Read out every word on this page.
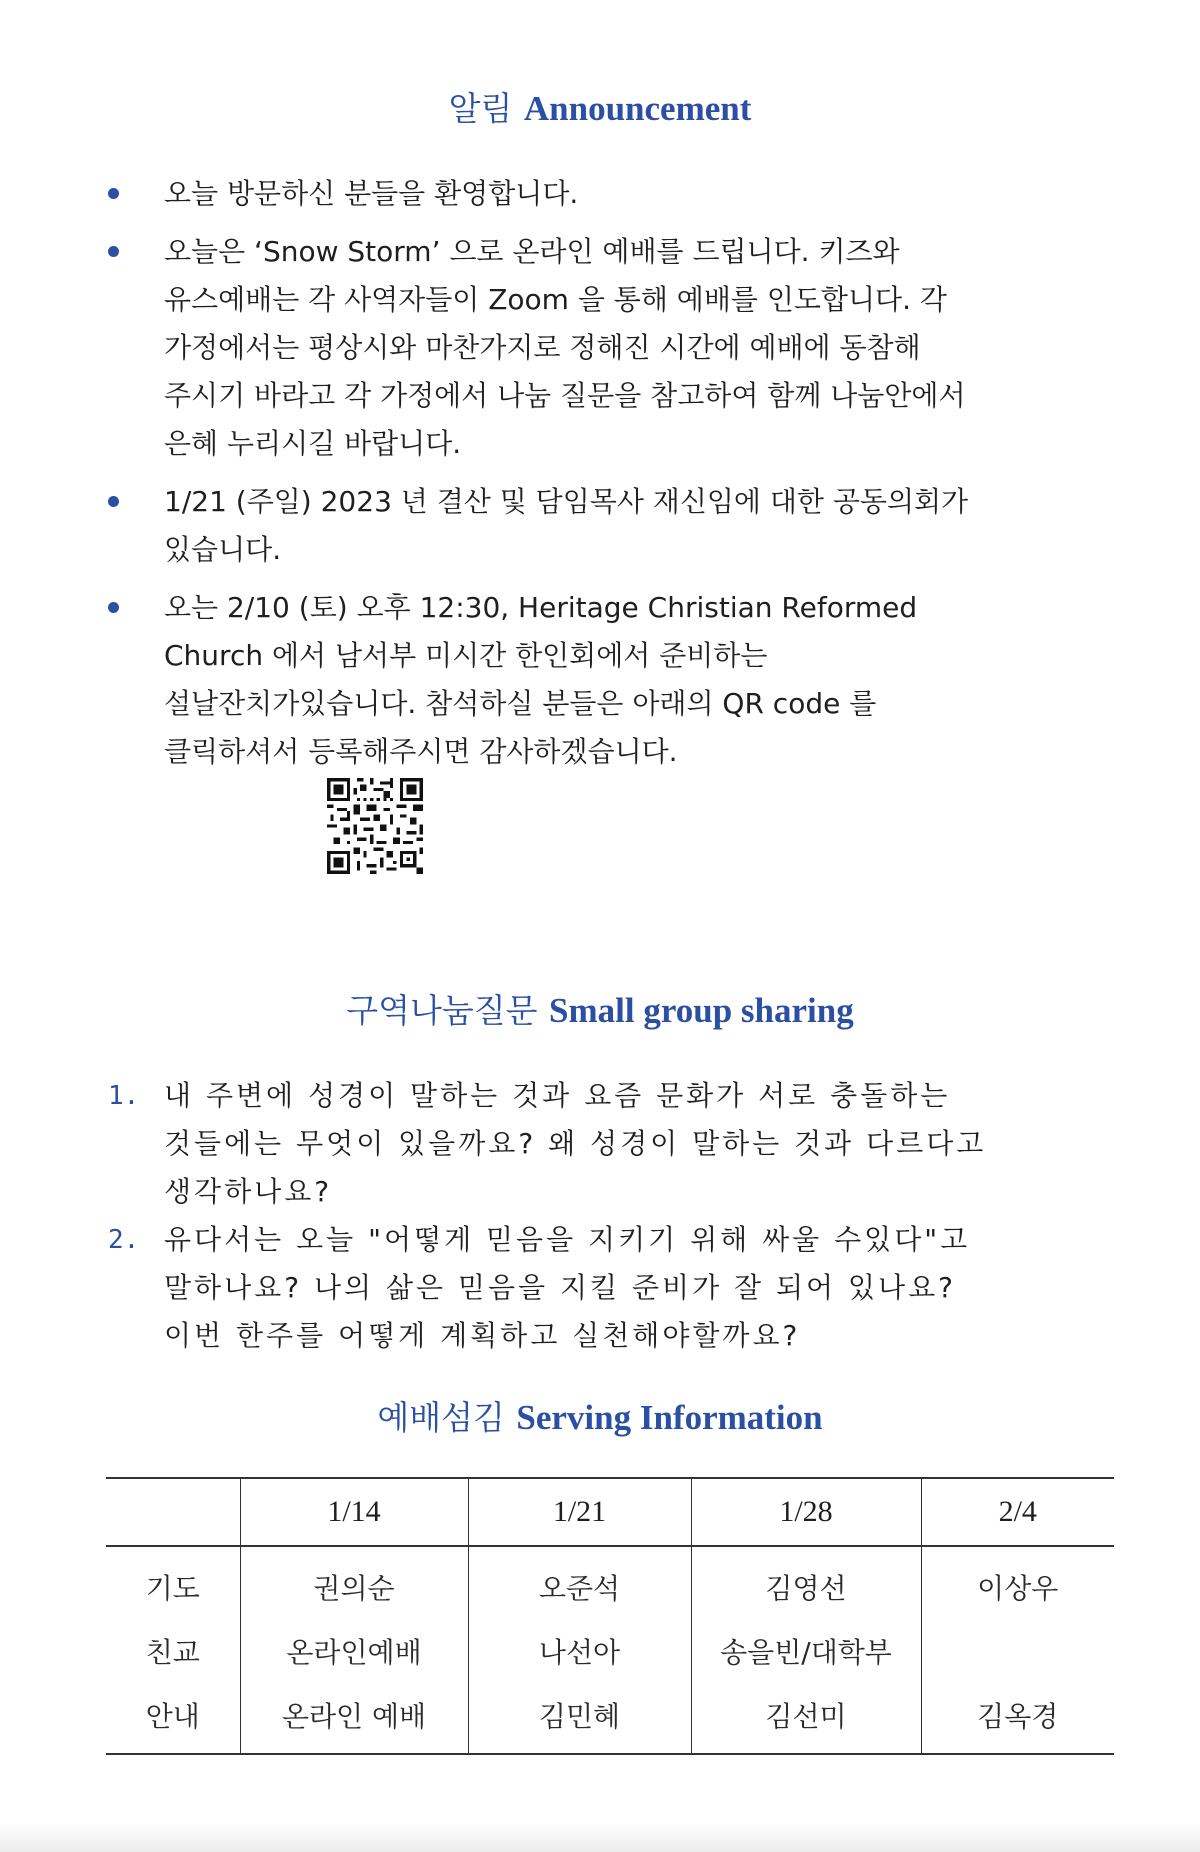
알림 Announcement
오늘 방문하신 분들을 환영합니다.
오늘은 ‘Snow Storm’ 으로 온라인 예배를 드립니다. 키즈와
유스예배는 각 사역자들이 Zoom 을 통해 예배를 인도합니다. 각
가정에서는 평상시와 마찬가지로 정해진 시간에 예배에 동참해
주시기 바라고 각 가정에서 나눔 질문을 참고하여 함께 나눔안에서
은혜 누리시길 바랍니다.
1/21 (주일) 2023 년 결산 및 담임목사 재신임에 대한 공동의회가
있습니다.
오는 2/10 (토) 오후 12:30, Heritage Christian Reformed
Church 에서 남서부 미시간 한인회에서 준비하는
설날잔치가있습니다. 참석하실 분들은 아래의 QR code 를
클릭하셔서 등록해주시면 감사하겠습니다.
구역나눔질문 Small group sharing
1. 내 주변에 성경이 말하는 것과 요즘 문화가 서로 충돌하는
것들에는 무엇이 있을까요? 왜 성경이 말하는 것과 다르다고
생각하나요?
2. 유다서는 오늘 "어떻게 믿음을 지키기 위해 싸울 수있다"고
말하나요? 나의 삶은 믿음을 지킬 준비가 잘 되어 있나요?
이번 한주를 어떻게 계획하고 실천해야할까요?
예배섬김 Serving Information
	1/14	1/21	1/28	2/4
기도	권의순	오준석	김영선	이상우
친교	온라인예배	나선아	송을빈/대학부	
안내	온라인 예배	김민혜	김선미	김옥경
